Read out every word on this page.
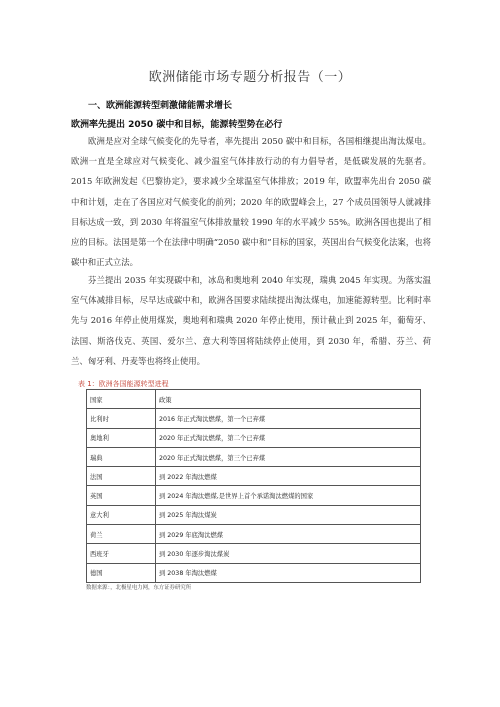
欧洲储能市场专题分析报告（一）
一、欧洲能源转型刺激储能需求增长
欧洲率先提出 2050 碳中和目标，能源转型势在必行

欧洲是应对全球气候变化的先导者，率先提出 2050 碳中和目标，各国相继提出淘汰煤电。欧洲一直是全球应对气候变化、减少温室气体排放行动的有力倡导者，是低碳发展的先驱者。2015 年欧洲发起《巴黎协定》，要求减少全球温室气体排放；2019 年，欧盟率先出台 2050 碳中和计划，走在了各国应对气候变化的前列；2020 年的欧盟峰会上，27 个成员国领导人就减排目标达成一致，到 2030 年将温室气体排放量较 1990 年的水平减少 55%。欧洲各国也提出了相应的目标。法国是第一个在法律中明确“2050 碳中和”目标的国家，英国出台气候变化法案，也将碳中和正式立法。

芬兰提出 2035 年实现碳中和，冰岛和奥地利 2040 年实现，瑞典 2045 年实现。为落实温室气体减排目标，尽早达成碳中和，欧洲各国要求陆续提出淘汰煤电，加速能源转型。比利时率先与 2016 年停止使用煤炭，奥地利和瑞典 2020 年停止使用，预计截止到 2025 年，葡萄牙、法国、斯洛伐克、英国、爱尔兰、意大利等国将陆续停止使用，到 2030 年，希腊、芬兰、荷兰、匈牙利、丹麦等也将终止使用。

表 1：欧洲各国能源转型进程
国家	政策
比利时	2016 年正式淘汰燃煤，第一个已弃煤
奥地利	2020 年正式淘汰燃煤，第二个已弃煤
瑞典	2020 年正式淘汰燃煤，第三个已弃煤
法国	到 2022 年淘汰燃煤
英国	到 2024 年淘汰燃煤,是世界上首个承诺淘汰燃煤的国家
意大利	到 2025 年淘汰煤炭
荷兰	到 2029 年底淘汰燃煤
西班牙	到 2030 年逐步淘汰煤炭
德国	到 2038 年淘汰燃煤
数据来源：，北极星电力网，东方证券研究所
